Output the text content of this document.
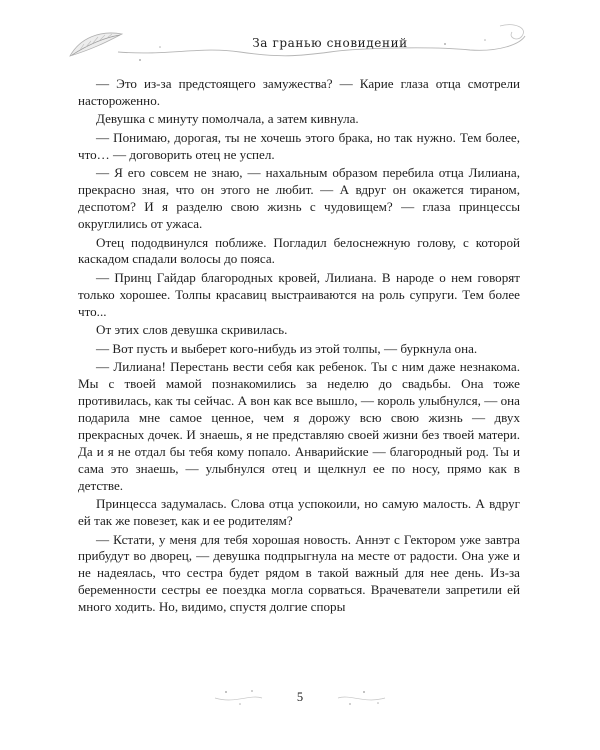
За гранью сновидений

— Это из-за предстоящего замужества? — Карие глаза отца смотрели настороженно.

Девушка с минуту помолчала, а затем кивнула.

— Понимаю, дорогая, ты не хочешь этого брака, но так нужно. Тем более, что… — договорить отец не успел.

— Я его совсем не знаю, — нахальным образом перебила отца Лилиана, прекрасно зная, что он этого не любит. — А вдруг он окажется тираном, деспотом? И я разделю свою жизнь с чудовищем? — глаза принцессы округлились от ужаса.

Отец пододвинулся поближе. Погладил белоснежную голову, с которой каскадом спадали волосы до пояса.

— Принц Гайдар благородных кровей, Лилиана. В народе о нем говорят только хорошее. Толпы красавиц выстраиваются на роль супруги. Тем более что...

От этих слов девушка скривилась.

— Вот пусть и выберет кого-нибудь из этой толпы, — буркнула она.

— Лилиана! Перестань вести себя как ребенок. Ты с ним даже незнакома. Мы с твоей мамой познакомились за неделю до свадьбы. Она тоже противилась, как ты сейчас. А вон как все вышло, — король улыбнулся, — она подарила мне самое ценное, чем я дорожу всю свою жизнь — двух прекрасных дочек. И знаешь, я не представляю своей жизни без твоей матери. Да и я не отдал бы тебя кому попало. Анварийские — благородный род. Ты и сама это знаешь, — улыбнулся отец и щелкнул ее по носу, прямо как в детстве.

Принцесса задумалась. Слова отца успокоили, но самую малость. А вдруг ей так же повезет, как и ее родителям?

— Кстати, у меня для тебя хорошая новость. Аннэт с Гектором уже завтра прибудут во дворец, — девушка подпрыгнула на месте от радости. Она уже и не надеялась, что сестра будет рядом в такой важный для нее день. Из-за беременности сестры ее поездка могла сорваться. Врачеватели запретили ей много ходить. Но, видимо, спустя долгие споры

5
